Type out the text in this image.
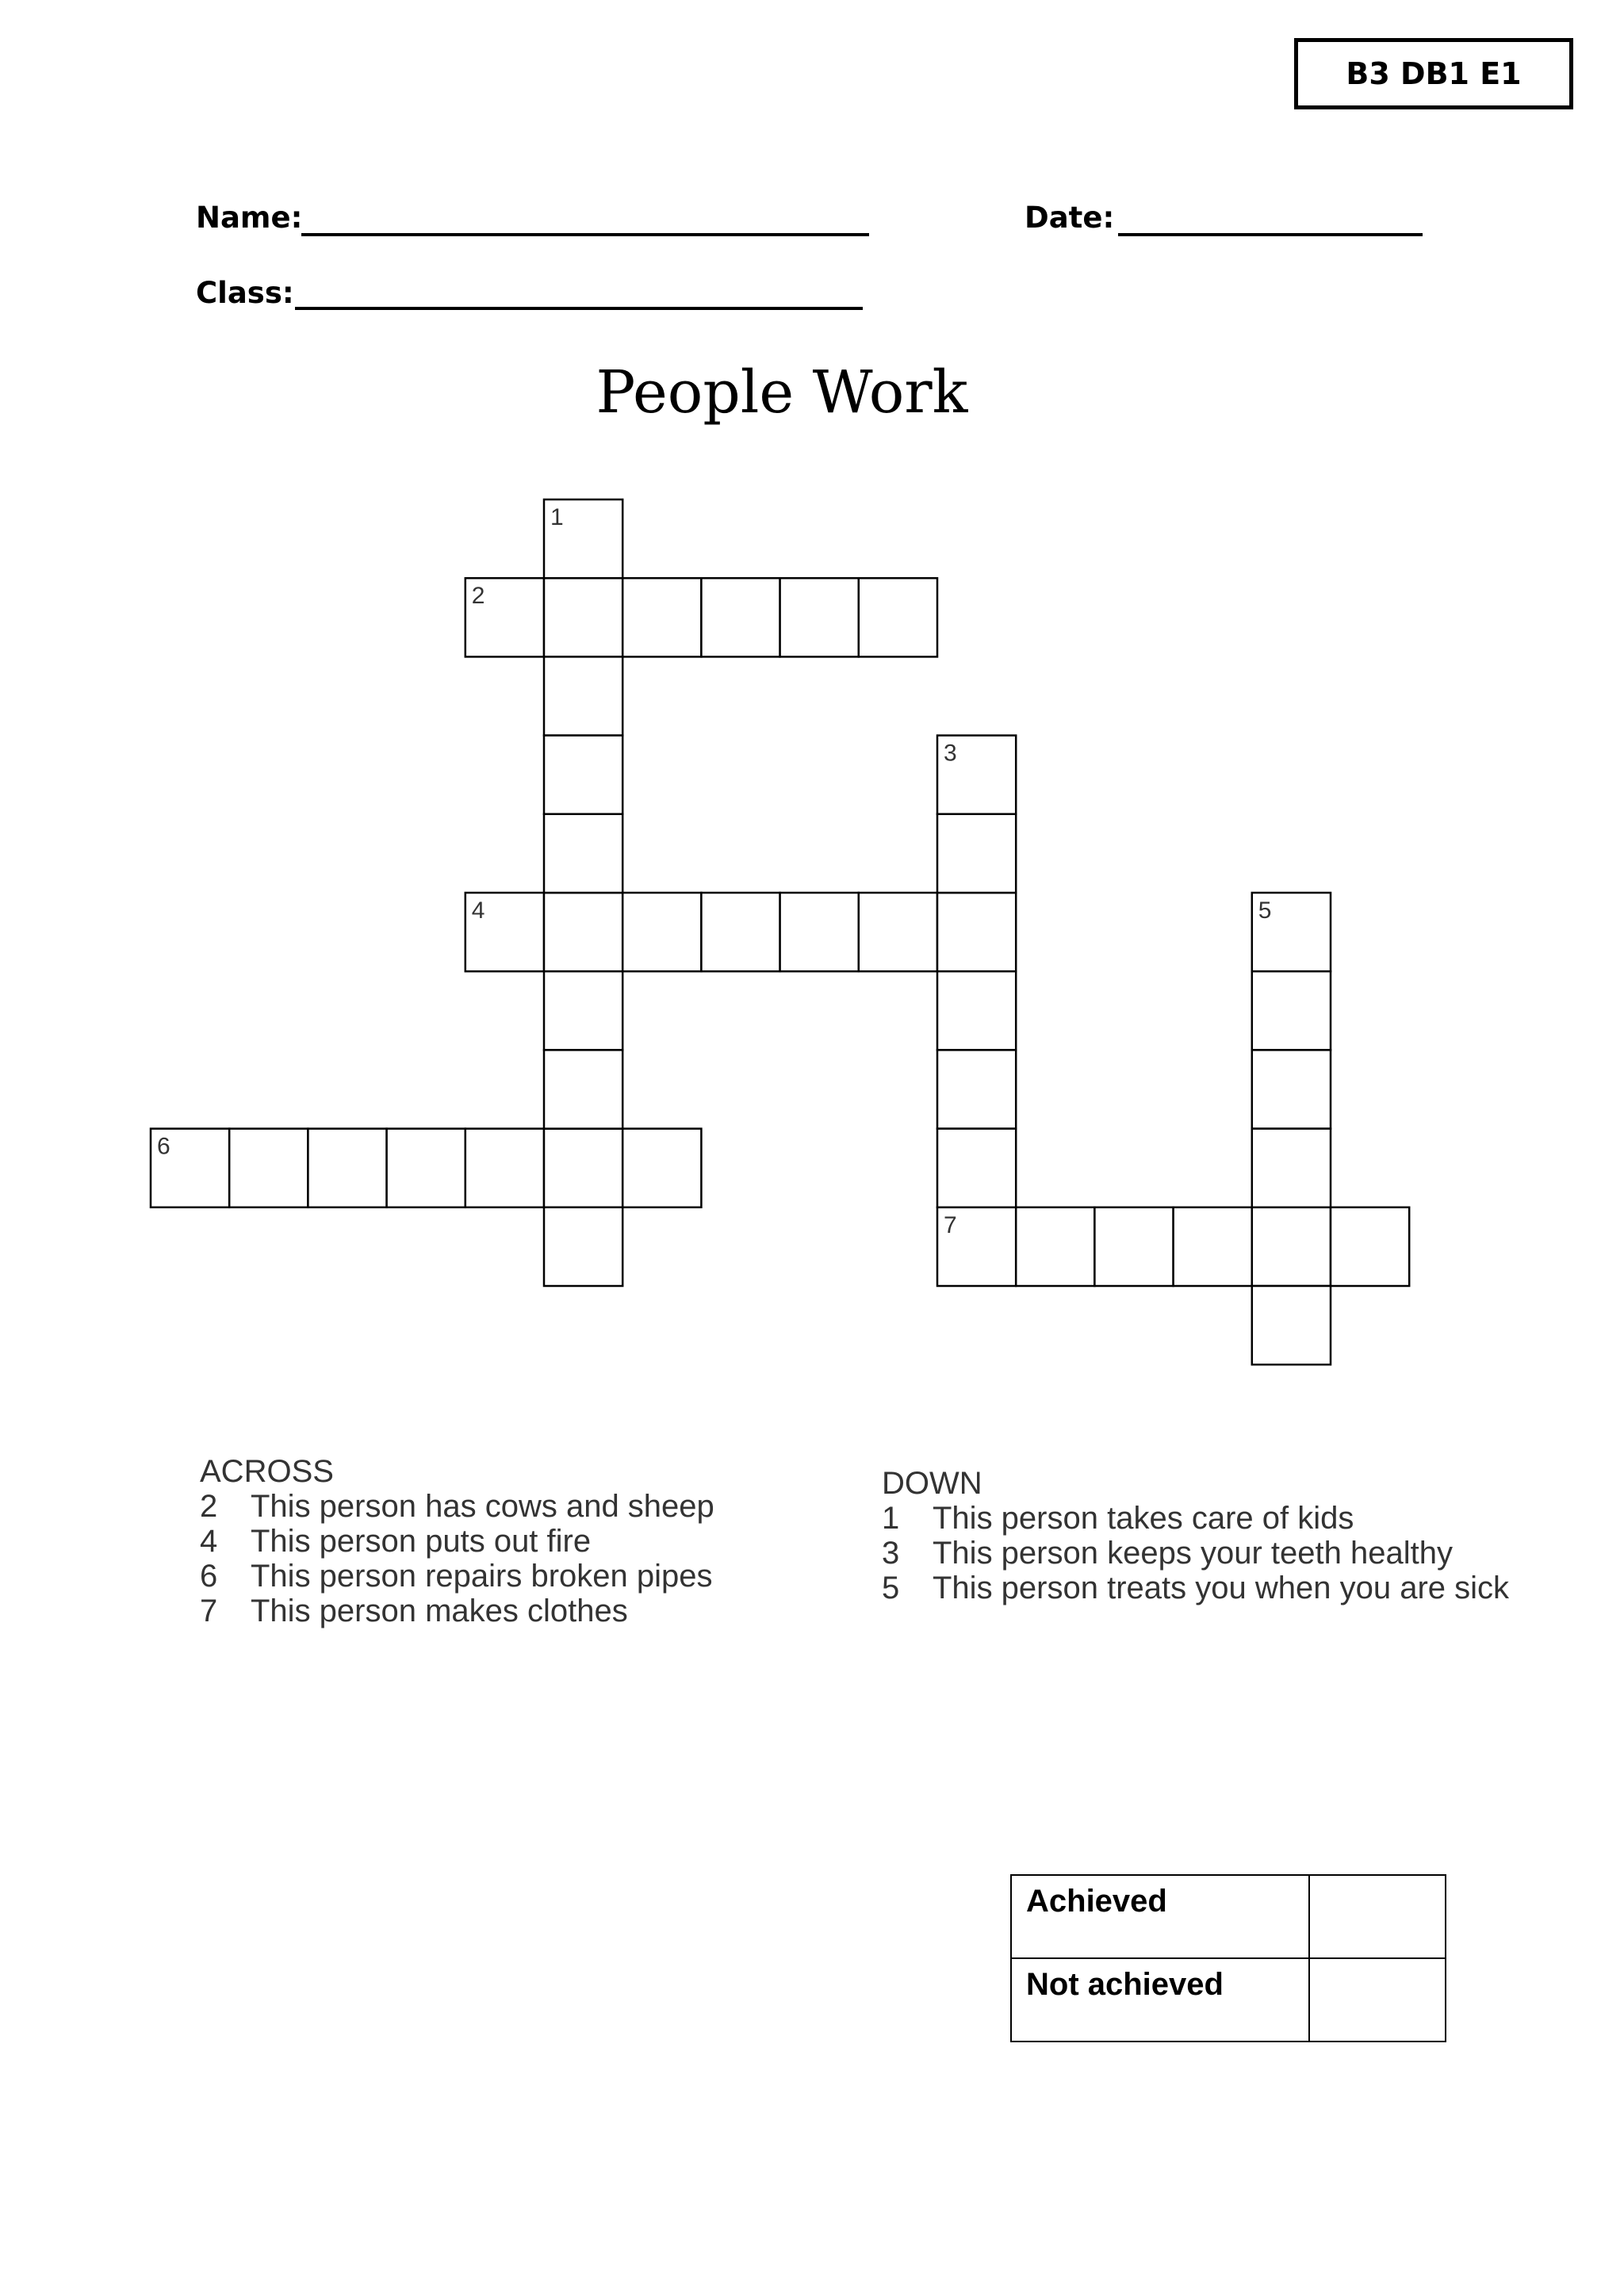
B3 DB1 E1
Name:	Date:
Class:
People Work
2
4
6
7
1
3
5
ACROSS
2	This person has cows and sheep
4	This person puts out fire
6	This person repairs broken pipes
7	This person makes clothes
DOWN
1	This person takes care of kids
3	This person keeps your teeth healthy
5	This person treats you when you are sick
Achieved	
Not achieved	
